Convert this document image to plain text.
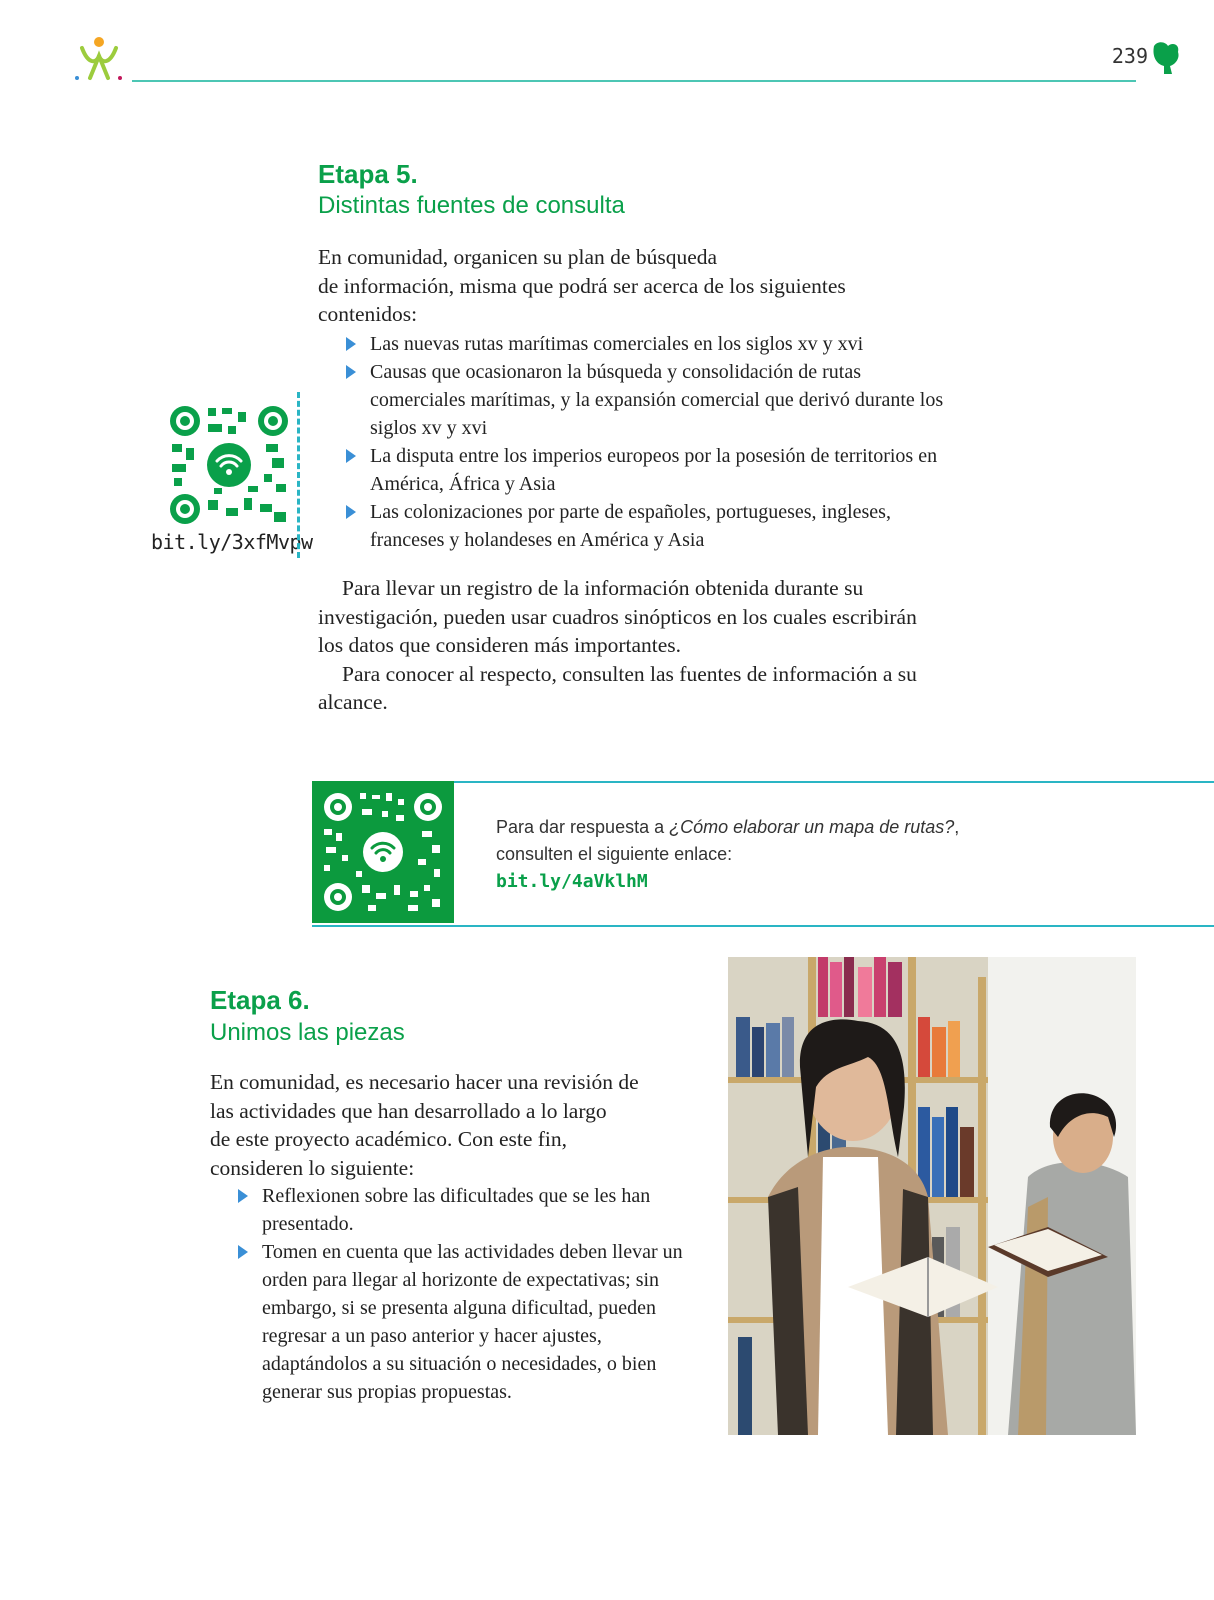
239
Etapa 5.
Distintas fuentes de consulta

En comunidad, organicen su plan de búsqueda

de información, misma que podrá ser acerca de los siguientes

contenidos:

Las nuevas rutas marítimas comerciales en los siglos xv y xvi
Causas que ocasionaron la búsqueda y consolidación de rutas comerciales marítimas, y la expansión comercial que derivó durante los siglos xv y xvi
La disputa entre los imperios europeos por la posesión de territorios en América, África y Asia
Las colonizaciones por parte de españoles, portugueses, ingleses, franceses y holandeses en América y Asia

Para llevar un registro de la información obtenida durante su investigación, pueden usar cuadros sinópticos en los cuales escribirán los datos que consideren más importantes.

Para conocer al respecto, consulten las fuentes de información a su alcance.

bit.ly/3xfMvpw
Para dar respuesta a ¿Cómo elaborar un mapa de rutas?,
consulten el siguiente enlace:
bit.ly/4aVklhM
Etapa 6.
Unimos las piezas

En comunidad, es necesario hacer una revisión de

las actividades que han desarrollado a lo largo

de este proyecto académico. Con este fin,

consideren lo siguiente:

Reflexionen sobre las dificultades que se les han presentado.
Tomen en cuenta que las actividades deben llevar un orden para llegar al horizonte de expectativas; sin embargo, si se presenta alguna dificultad, pueden regresar a un paso anterior y hacer ajustes, adaptándolos a su situación o necesidades, o bien generar sus propias propuestas.
